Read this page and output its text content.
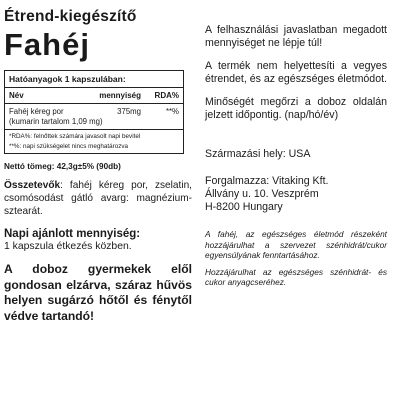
Étrend-kiegészítő
Fahéj
Hatóanyagok 1 kapszulában:
Név	mennyiség	RDA%
Fahéj kéreg por	375mg	**%
(kumarin tartalom 1,09 mg)
*RDA%: felnőttek számára javasolt napi bevitel
**%: napi szükségelet nincs meghatározva
Nettó tömeg: 42,3g±5% (90db)
Összetevők: fahéj kéreg por, zselatin, csomósodást gátló avarg: magnézium-sztearát.
Napi ajánlott mennyiség:
1 kapszula étkezés közben.
A doboz gyermekek elől gondosan elzárva, száraz hűvös helyen sugárzó hőtől és fénytől védve tartandó!

A felhasználási javaslatban megadott mennyiséget ne lépje túl!

A termék nem helyettesíti a vegyes étrendet, és az egészséges életmódot.

Minőségét megőrzi a doboz oldalán jelzett időpontig. (nap/hó/év)

Származási hely: USA

Forgalmazza: Vitaking Kft.
Állvány u. 10. Veszprém
H-8200 Hungary
A fahéj, az egészséges életmód részeként hozzájárulhat a szervezet szénhidrát/cukor egyensúlyának fenntartásához.
Hozzájárulhat az egészséges szénhidrát- és cukor anyagcseréhez.
